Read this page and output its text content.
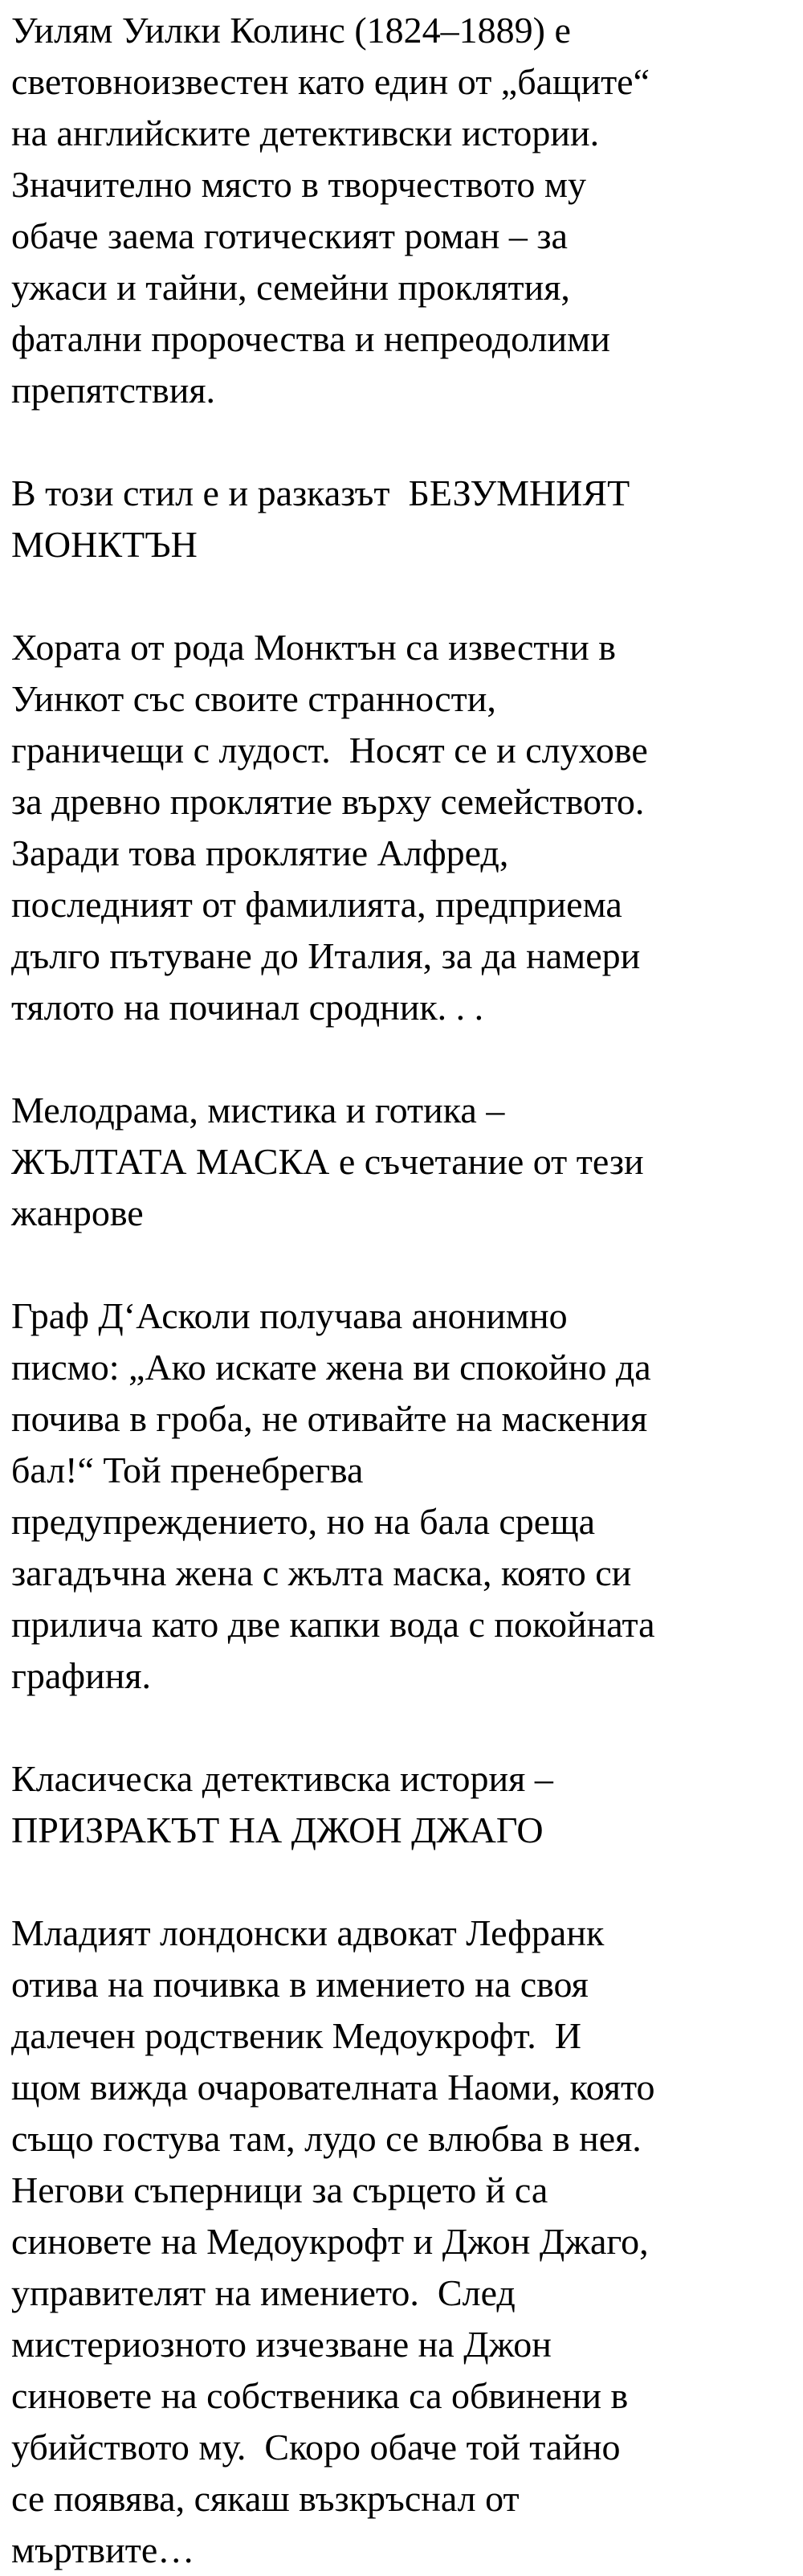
Уилям Уилки Колинс (1824–1889) е
световноизвестен като един от „бащите“
на английските детективски истории.
Значително място в творчеството му
обаче заема готическият роман – за
ужаси и тайни, семейни проклятия,
фатални пророчества и непреодолими
препятствия.

В този стил е и разказът  БЕЗУМНИЯТ
МОНКТЪН

Хората от рода Монктън са известни в
Уинкот със своите странности,
граничещи с лудост.  Носят се и слухове
за древно проклятие върху семейството.
Заради това проклятие Алфред,
последният от фамилията, предприема
дълго пътуване до Италия, за да намери
тялото на починал сродник. . .

Мелодрама, мистика и готика –
ЖЪЛТАТА МАСКА е съчетание от тези
жанрове

Граф Д‘Асколи получава анонимно
писмо: „Ако искате жена ви спокойно да
почива в гроба, не отивайте на маскения
бал!“ Той пренебрегва
предупреждението, но на бала среща
загадъчна жена с жълта маска, която си
прилича като две капки вода с покойната
графиня.

Класическа детективска история –
ПРИЗРАКЪТ НА ДЖОН ДЖАГО

Младият лондонски адвокат Лефранк
отива на почивка в имението на своя
далечен родственик Медоукрофт.  И
щом вижда очарователната Наоми, която
също гостува там, лудо се влюбва в нея.
Негови съперници за сърцето й са
синовете на Медоукрофт и Джон Джаго,
управителят на имението.  След
мистериозното изчезване на Джон
синовете на собственика са обвинени в
убийството му.  Скоро обаче той тайно
се появява, сякаш възкръснал от
мъртвите…
